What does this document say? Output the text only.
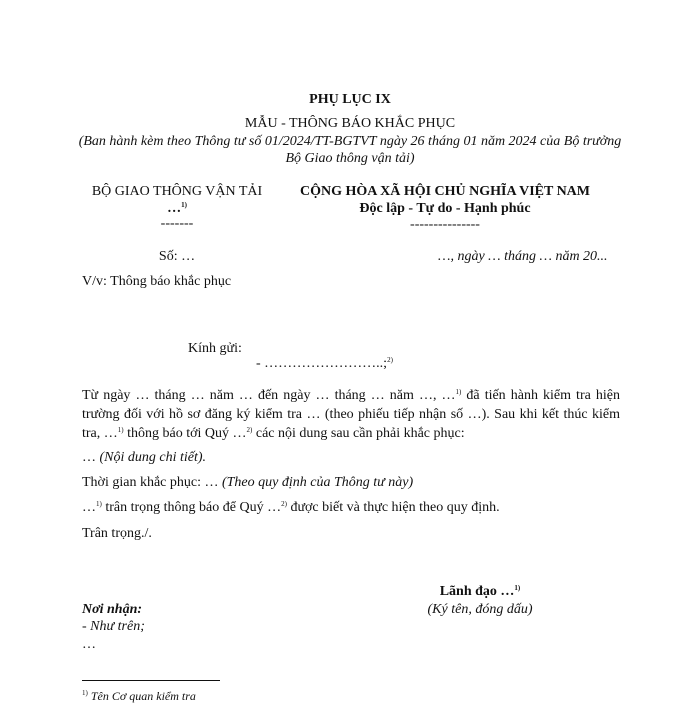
PHỤ LỤC IX
MẪU - THÔNG BÁO KHẮC PHỤC
(Ban hành kèm theo Thông tư số 01/2024/TT-BGTVT ngày 26 tháng 01 năm 2024 của Bộ trưởng
Bộ Giao thông vận tải)
BỘ GIAO THÔNG VẬN TẢI
…$^{1)}$
-------
Số: …
V/v: Thông báo khắc phục
CỘNG HÒA XÃ HỘI CHỦ NGHĨA VIỆT NAM
Độc lập - Tự do - Hạnh phúc
---------------
…, ngày … tháng … năm 20...
Kính gửi:
- ……………………..;$^{2)}$
Từ ngày … tháng … năm … đến ngày … tháng … năm …, …$^{1)}$ đã tiến hành kiểm tra hiện trường đối với hồ sơ đăng ký kiểm tra … (theo phiếu tiếp nhận số …). Sau khi kết thúc kiểm tra, …$^{1)}$ thông báo tới Quý …$^{2)}$ các nội dung sau cần phải khắc phục:
… (Nội dung chi tiết).
Thời gian khắc phục: … (Theo quy định của Thông tư này)
…$^{1)}$ trân trọng thông báo để Quý …$^{2)}$ được biết và thực hiện theo quy định.
Trân trọng./.
Lãnh đạo …$^{1)}$
(Ký tên, đóng dấu)
Nơi nhận:
- Như trên;
…
$^{1)}$ Tên Cơ quan kiểm tra
